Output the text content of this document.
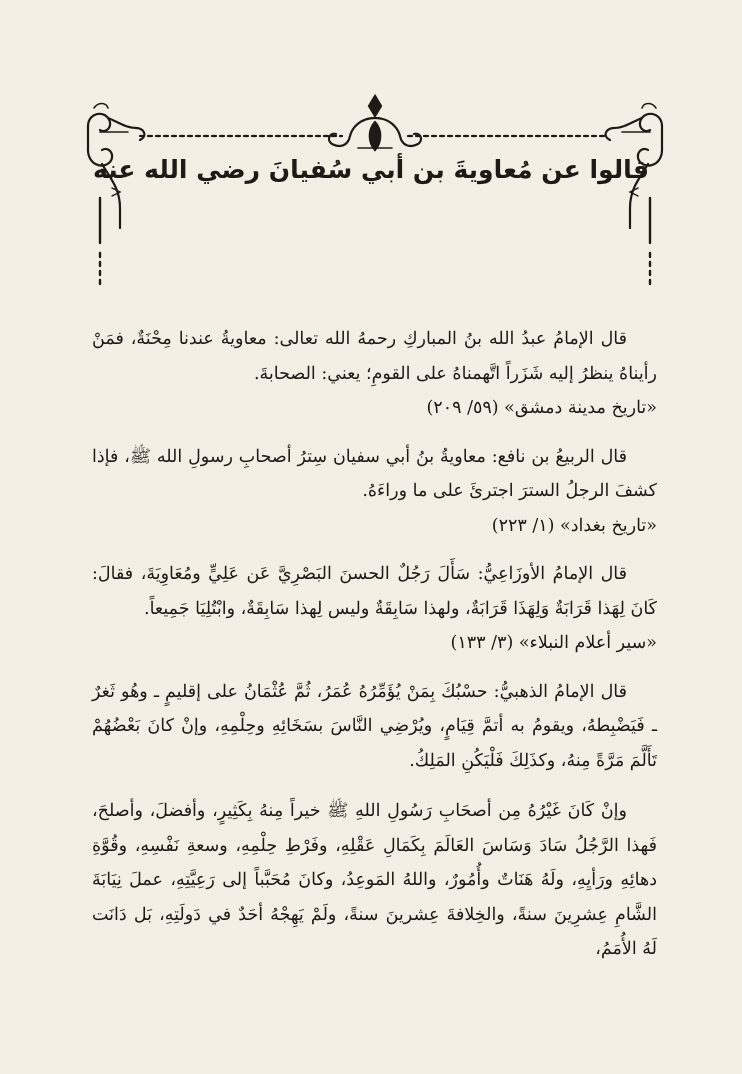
قالوا عن مُعاويةَ بن أبي سُفيانَ رضي الله عنه

قال الإمامُ عبدُ الله بنُ المباركِ رحمهُ الله تعالى: معاويةُ عندنا مِحْنَةٌ، فمَنْ رأيناهُ ينظرُ إليه شَزَراً اتَّهمناهُ على القومِ؛ يعني: الصحابةَ.

«تاريخ مدينة دمشق» (٥٩/ ٢٠٩)

قال الربيعُ بن نافع: معاويةُ بنُ أبي سفيان سِترُ أصحابِ رسولِ الله ﷺ، فإذا كشفَ الرجلُ السترَ اجترئَ على ما وراءَهُ.

«تاريخ بغداد» (١/ ٢٢٣)

قال الإمامُ الأوزَاعِيُّ: سَأَلَ رَجُلٌ الحسنَ البَصْرِيَّ عَن عَلِيٍّ ومُعَاوِيَةَ، فقالَ: كَانَ لِهَذا قَرَابَةٌ وَلِهَذَا قَرَابَةٌ، ولهذا سَابِقَةٌ وليس لِهذا سَابِقَةٌ، وابْتُلِيَا جَمِيعاً.

«سير أعلام النبلاء» (٣/ ١٣٣)

قال الإمامُ الذهبيُّ: حسْبُكَ بِمَنْ يُؤَمِّرُهُ عُمَرُ، ثُمَّ عُثْمَانُ على إقليمٍ ـ وهُو ثَغرٌ ـ فَيَضْبِطهُ، ويقومُ به أتمَّ قِيَامٍ، ويُرْضِي النَّاسَ بسَخَائِهِ وحِلْمِهِ، وإنْ كانَ بَعْضُهُمْ تَأَلَّمَ مَرَّةً مِنهُ، وكذَلِكَ فَلْيَكُنِ المَلِكُ.

وإنْ كَانَ غَيْرُهُ مِن أصحَابِ رَسُولِ اللهِ ﷺ خيراً مِنهُ بِكَثِيرٍ، وأفضلَ، وأصلحَ، فَهذا الرَّجُلُ سَادَ وَسَاسَ العَالَمَ بِكَمَالِ عَقْلِهِ، وفَرْطِ حِلْمِهِ، وسعةِ نَفْسِهِ، وقُوَّةِ دهائِهِ ورَأيِهِ، ولَهُ هَنَاتٌ وأُمُورٌ، واللهُ المَوعِدُ، وكانَ مُحَبَّباً إلى رَعِيَّتِهِ، عملَ نِيَابَةَ الشَّامِ عِشرِينَ سنةً، والخِلافةَ عِشرينَ سنةً، ولَمْ يَهِجْهُ أحَدٌ في دَولَتِهِ، بَل دَانَت لَهُ الأُمَمُ،
